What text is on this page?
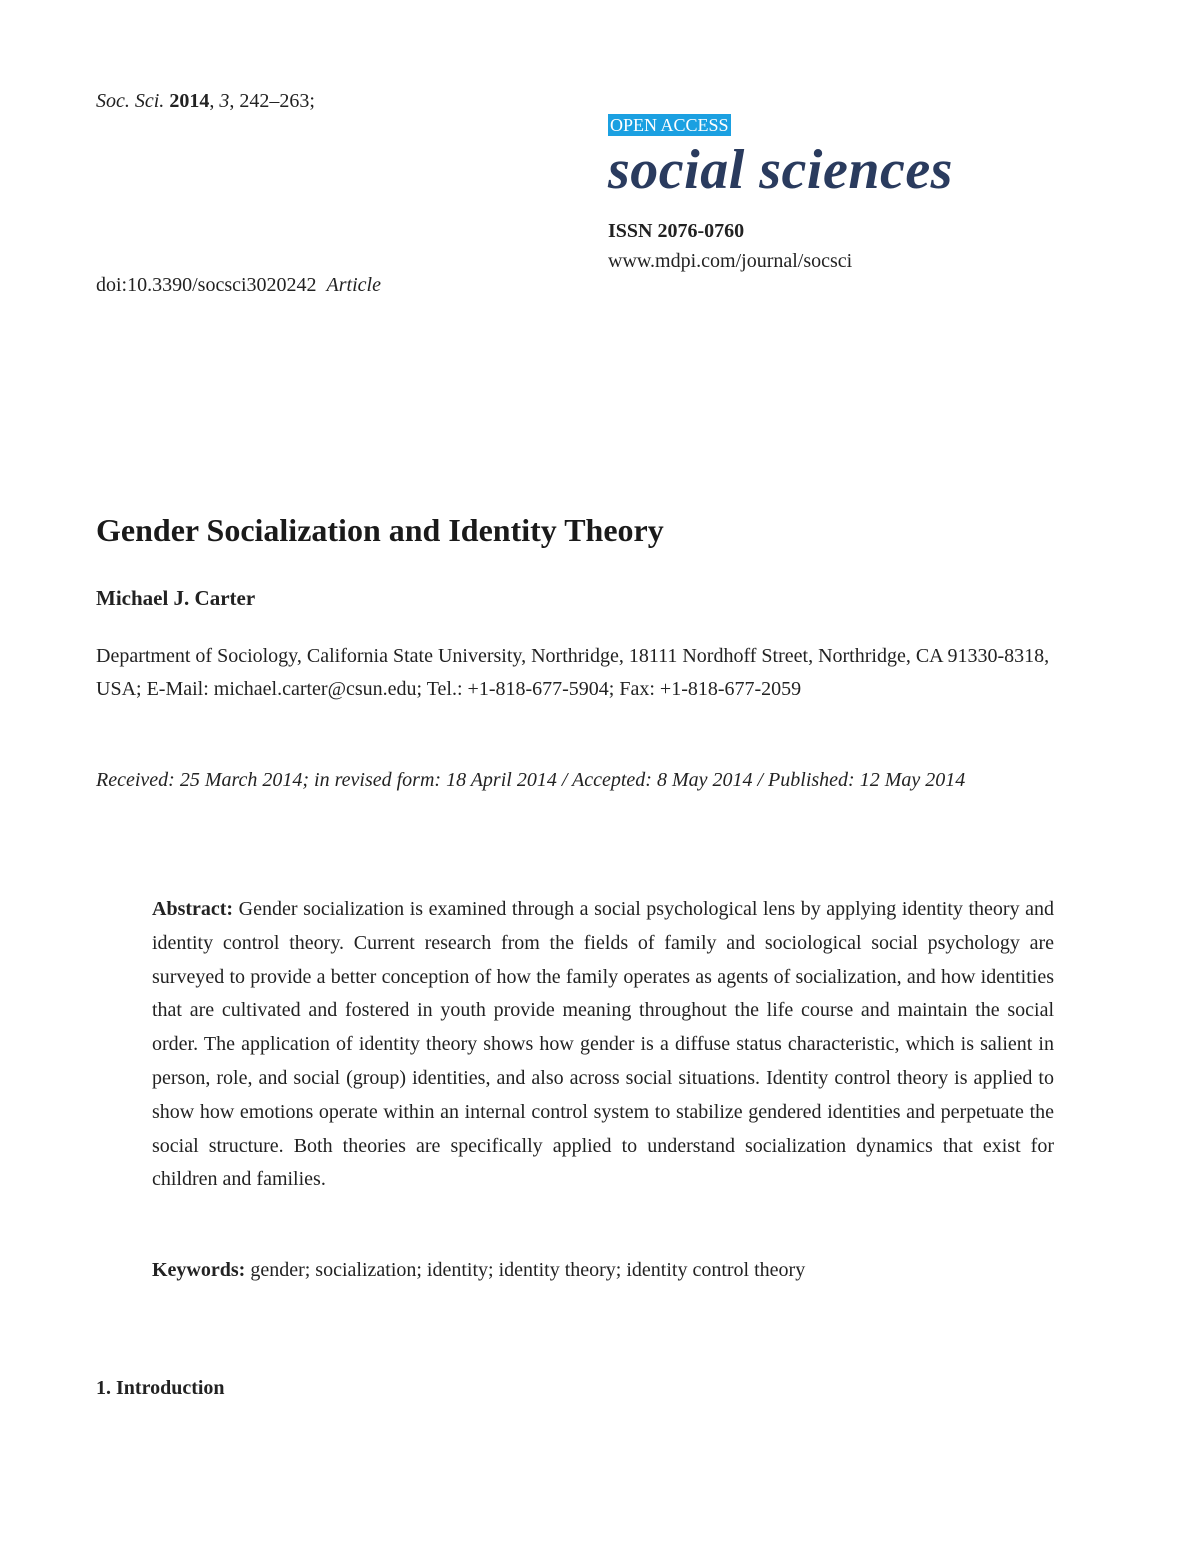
Soc. Sci. 2014, 3, 242–263;
OPEN ACCESS
social sciences
ISSN 2076-0760
www.mdpi.com/journal/socsci
doi:10.3390/socsci3020242 Article
Gender Socialization and Identity Theory
Michael J. Carter

Department of Sociology, California State University, Northridge, 18111 Nordhoff Street, Northridge, CA 91330-8318, USA; E-Mail: michael.carter@csun.edu; Tel.: +1-818-677-5904; Fax: +1-818-677-2059

Received: 25 March 2014; in revised form: 18 April 2014 / Accepted: 8 May 2014 / Published: 12 May 2014

Abstract: Gender socialization is examined through a social psychological lens by applying identity theory and identity control theory. Current research from the fields of family and sociological social psychology are surveyed to provide a better conception of how the family operates as agents of socialization, and how identities that are cultivated and fostered in youth provide meaning throughout the life course and maintain the social order. The application of identity theory shows how gender is a diffuse status characteristic, which is salient in person, role, and social (group) identities, and also across social situations. Identity control theory is applied to show how emotions operate within an internal control system to stabilize gendered identities and perpetuate the social structure. Both theories are specifically applied to understand socialization dynamics that exist for children and families.

Keywords: gender; socialization; identity; identity theory; identity control theory
1. Introduction
